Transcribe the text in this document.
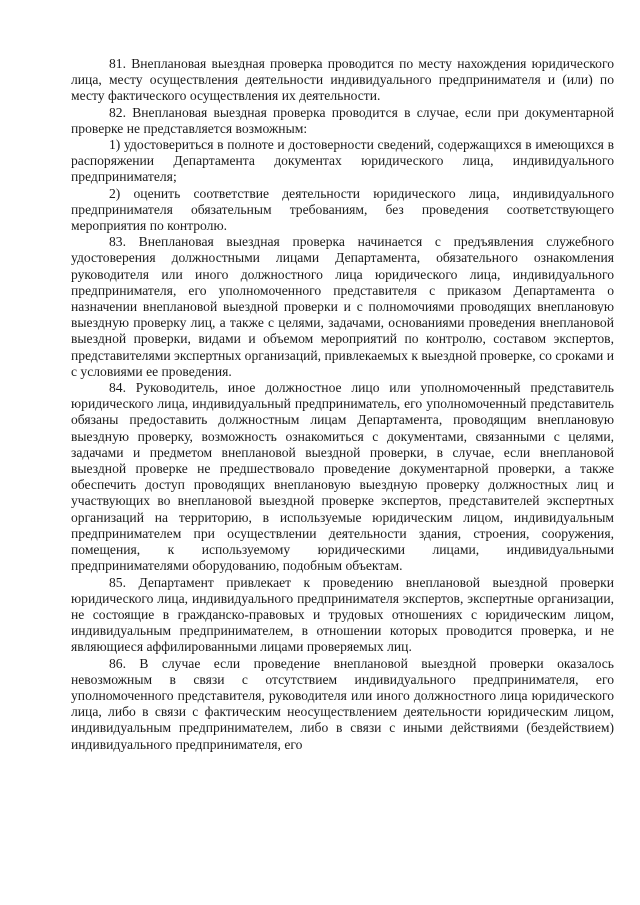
81. Внеплановая выездная проверка проводится по месту нахождения юридического лица, месту осуществления деятельности индивидуального предпринимателя и (или) по месту фактического осуществления их деятельности.

82. Внеплановая выездная проверка проводится в случае, если при документарной проверке не представляется возможным:

1) удостовериться в полноте и достоверности сведений, содержащихся в имеющихся в распоряжении Департамента документах юридического лица, индивидуального предпринимателя;

2) оценить соответствие деятельности юридического лица, индивидуального предпринимателя обязательным требованиям, без проведения соответствующего мероприятия по контролю.

83. Внеплановая выездная проверка начинается с предъявления служебного удостоверения должностными лицами Департамента, обязательного ознакомления руководителя или иного должностного лица юридического лица, индивидуального предпринимателя, его уполномоченного представителя с приказом Департамента о назначении внеплановой выездной проверки и с полномочиями проводящих внеплановую выездную проверку лиц, а также с целями, задачами, основаниями проведения внеплановой выездной проверки, видами и объемом мероприятий по контролю, составом экспертов, представителями экспертных организаций, привлекаемых к выездной проверке, со сроками и с условиями ее проведения.

84. Руководитель, иное должностное лицо или уполномоченный представитель юридического лица, индивидуальный предприниматель, его уполномоченный представитель обязаны предоставить должностным лицам Департамента, проводящим внеплановую выездную проверку, возможность ознакомиться с документами, связанными с целями, задачами и предметом внеплановой выездной проверки, в случае, если внеплановой выездной проверке не предшествовало проведение документарной проверки, а также обеспечить доступ проводящих внеплановую выездную проверку должностных лиц и участвующих во внеплановой выездной проверке экспертов, представителей экспертных организаций на территорию, в используемые юридическим лицом, индивидуальным предпринимателем при осуществлении деятельности здания, строения, сооружения, помещения, к используемому юридическими лицами, индивидуальными предпринимателями оборудованию, подобным объектам.

85. Департамент привлекает к проведению внеплановой выездной проверки юридического лица, индивидуального предпринимателя экспертов, экспертные организации, не состоящие в гражданско-правовых и трудовых отношениях с юридическим лицом, индивидуальным предпринимателем, в отношении которых проводится проверка, и не являющиеся аффилированными лицами проверяемых лиц.

86. В случае если проведение внеплановой выездной проверки оказалось невозможным в связи с отсутствием индивидуального предпринимателя, его уполномоченного представителя, руководителя или иного должностного лица юридического лица, либо в связи с фактическим неосуществлением деятельности юридическим лицом, индивидуальным предпринимателем, либо в связи с иными действиями (бездействием) индивидуального предпринимателя, его
